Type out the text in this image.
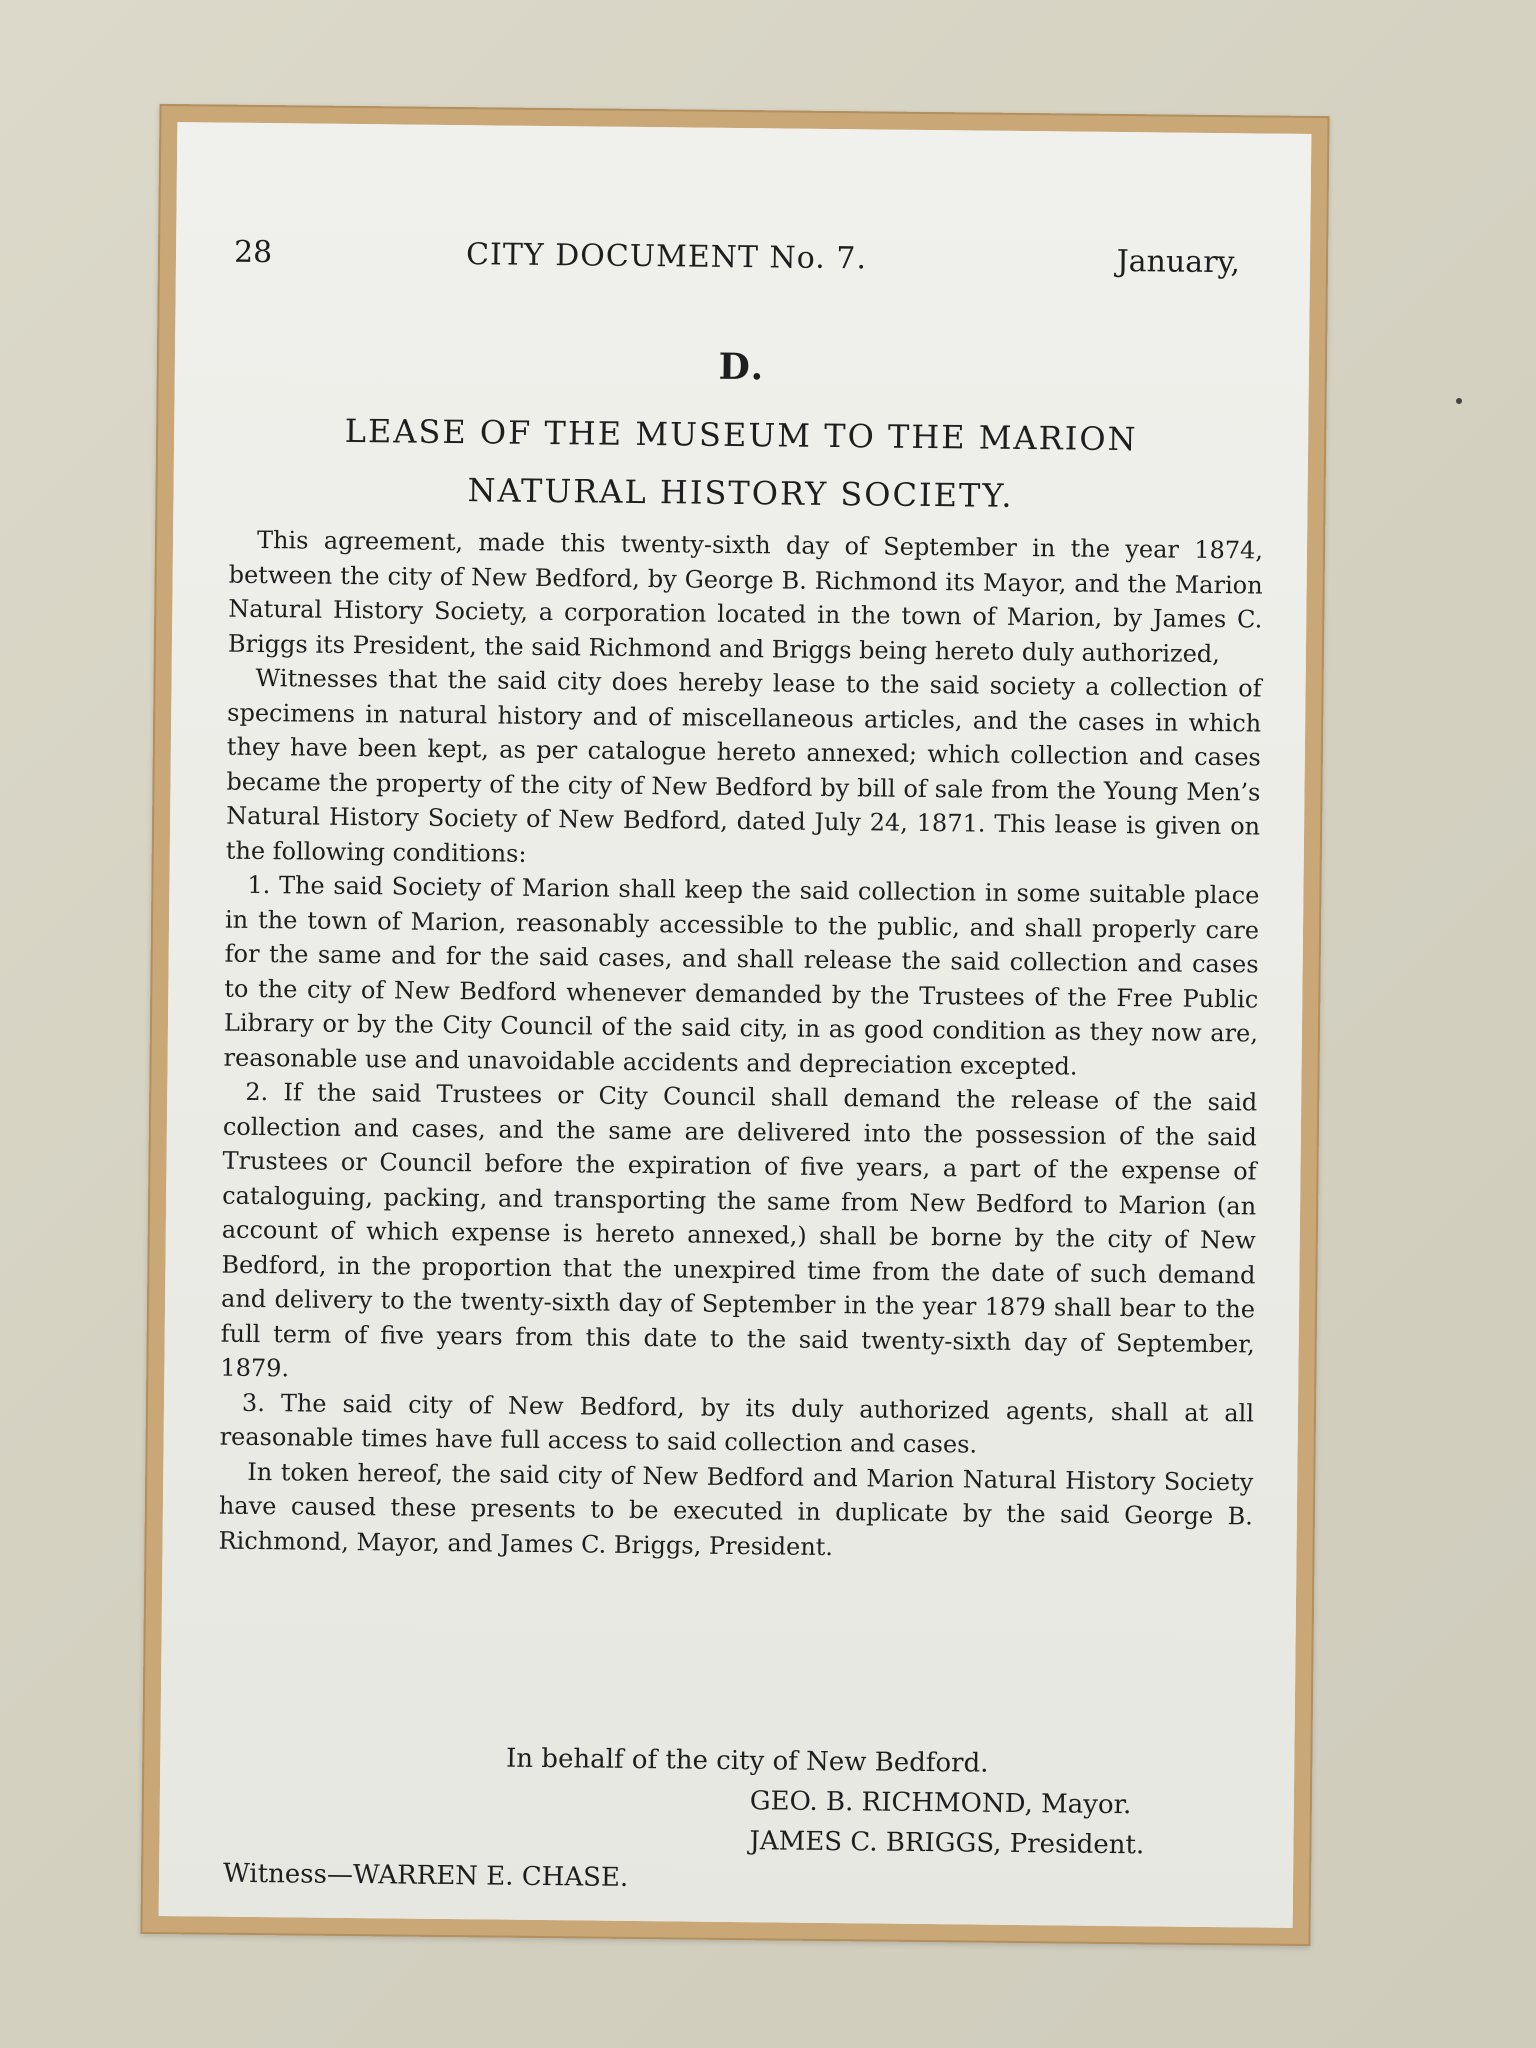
28	CITY DOCUMENT No. 7.	January,
D.
LEASE OF THE MUSEUM TO THE MARION
NATURAL HISTORY SOCIETY.

This agreement, made this twenty-sixth day of September in the year 1874, between the city of New Bedford, by George B. Richmond its Mayor, and the Marion Natural History Society, a corporation located in the town of Marion, by James C. Briggs its President, the said Richmond and Briggs being hereto duly authorized,

Witnesses that the said city does hereby lease to the said society a collection of specimens in natural history and of miscellaneous articles, and the cases in which they have been kept, as per catalogue hereto annexed; which collection and cases became the property of the city of New Bedford by bill of sale from the Young Men’s Natural History Society of New Bedford, dated July 24, 1871. This lease is given on the following conditions:

1. The said Society of Marion shall keep the said collection in some suitable place in the town of Marion, reasonably accessible to the public, and shall properly care for the same and for the said cases, and shall release the said collection and cases to the city of New Bedford whenever demanded by the Trustees of the Free Public Library or by the City Council of the said city, in as good condition as they now are, reasonable use and unavoidable accidents and depreciation excepted.

2. If the said Trustees or City Council shall demand the release of the said collection and cases, and the same are delivered into the possession of the said Trustees or Council before the expiration of five years, a part of the expense of cataloguing, packing, and transporting the same from New Bedford to Marion (an account of which expense is hereto annexed,) shall be borne by the city of New Bedford, in the proportion that the unexpired time from the date of such demand and delivery to the twenty-sixth day of September in the year 1879 shall bear to the full term of five years from this date to the said twenty-sixth day of September, 1879.

3. The said city of New Bedford, by its duly authorized agents, shall at all reasonable times have full access to said collection and cases.

In token hereof, the said city of New Bedford and Marion Natural History Society have caused these presents to be executed in duplicate by the said George B. Richmond, Mayor, and James C. Briggs, President.

In behalf of the city of New Bedford.
GEO. B. RICHMOND, Mayor.
JAMES C. BRIGGS, President.
Witness—WARREN E. CHASE.
